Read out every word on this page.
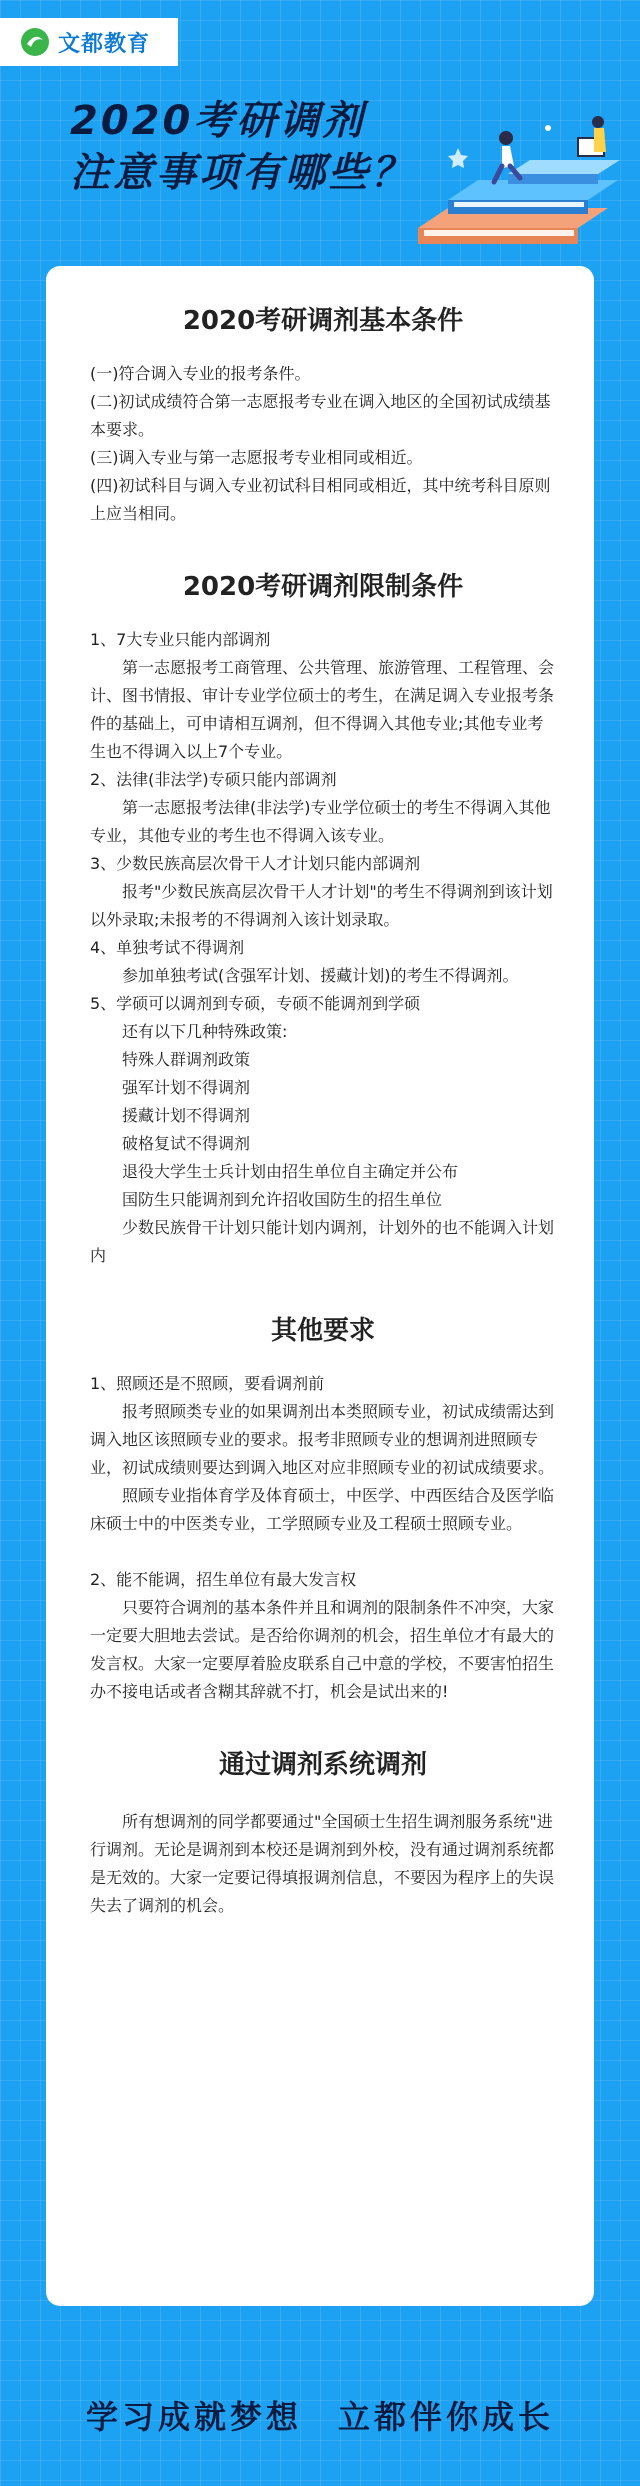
文都教育
2020考研调剂
注意事项有哪些？
2020考研调剂基本条件

(一)符合调入专业的报考条件。

(二)初试成绩符合第一志愿报考专业在调入地区的全国初试成绩基本要求。

(三)调入专业与第一志愿报考专业相同或相近。

(四)初试科目与调入专业初试科目相同或相近，其中统考科目原则上应当相同。

2020考研调剂限制条件

1、7大专业只能内部调剂

第一志愿报考工商管理、公共管理、旅游管理、工程管理、会计、图书情报、审计专业学位硕士的考生，在满足调入专业报考条件的基础上，可申请相互调剂，但不得调入其他专业;其他专业考生也不得调入以上7个专业。

2、法律(非法学)专硕只能内部调剂

第一志愿报考法律(非法学)专业学位硕士的考生不得调入其他专业，其他专业的考生也不得调入该专业。

3、少数民族高层次骨干人才计划只能内部调剂

报考"少数民族高层次骨干人才计划"的考生不得调剂到该计划以外录取;未报考的不得调剂入该计划录取。

4、单独考试不得调剂

参加单独考试(含强军计划、援藏计划)的考生不得调剂。

5、学硕可以调剂到专硕，专硕不能调剂到学硕

还有以下几种特殊政策:

特殊人群调剂政策

强军计划不得调剂

援藏计划不得调剂

破格复试不得调剂

退役大学生士兵计划由招生单位自主确定并公布

国防生只能调剂到允许招收国防生的招生单位

少数民族骨干计划只能计划内调剂，计划外的也不能调入计划内

其他要求

1、照顾还是不照顾，要看调剂前

报考照顾类专业的如果调剂出本类照顾专业，初试成绩需达到调入地区该照顾专业的要求。报考非照顾专业的想调剂进照顾专业，初试成绩则要达到调入地区对应非照顾专业的初试成绩要求。

照顾专业指体育学及体育硕士，中医学、中西医结合及医学临床硕士中的中医类专业，工学照顾专业及工程硕士照顾专业。

2、能不能调，招生单位有最大发言权

只要符合调剂的基本条件并且和调剂的限制条件不冲突，大家一定要大胆地去尝试。是否给你调剂的机会，招生单位才有最大的发言权。大家一定要厚着脸皮联系自己中意的学校，不要害怕招生办不接电话或者含糊其辞就不打，机会是试出来的!

通过调剂系统调剂

所有想调剂的同学都要通过"全国硕士生招生调剂服务系统"进行调剂。无论是调剂到本校还是调剂到外校，没有通过调剂系统都是无效的。大家一定要记得填报调剂信息，不要因为程序上的失误失去了调剂的机会。

学习成就梦想　立都伴你成长
